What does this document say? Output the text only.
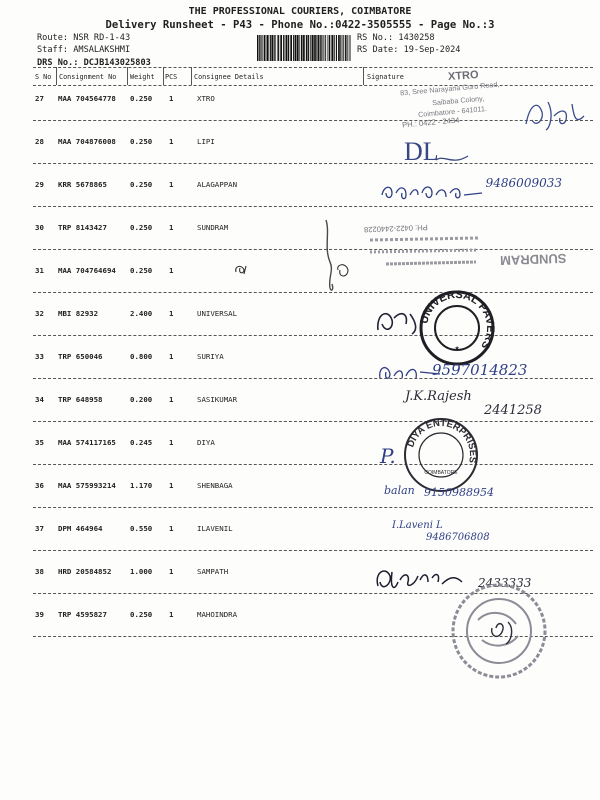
THE PROFESSIONAL COURIERS, COIMBATORE
Delivery Runsheet - P43 - Phone No.:0422-3505555 - Page No.:3
Route: NSR RD-1-43
Staff: AMSALAKSHMI
DRS No.: DCJB143025803
RS No.: 1430258
RS Date: 19-Sep-2024
S No Consignment No Weight PCS Consignee Details	Signature
27 MAA 704564778 0.250 1	XTRO
28 MAA 704876008 0.250 1	LIPI
29 KRR 5678865	0.250 1	ALAGAPPAN
30 TRP 8143427	0.250 1	SUNDRAM
31 MAA 704764694 0.250 1
32 MBI 82932	2.400 1	UNIVERSAL
33 TRP 650046	0.800 1	SURIYA
34 TRP 648958	0.200 1	SASIKUMAR
35 MAA 574117165 0.245 1	DIYA
36 MAA 575993214 1.170 1	SHENBAGA
37 DPM 464964	0.550 1	ILAVENIL
38 HRD 20584852	1.000 1	SAMPATH
39 TRP 4595827	0.250 1	MAHOINDRA
XTRO
83, Sree Narayana Guru Road,
Saibaba Colony,
Coimbatore - 641011.
PH.: 0422 - 2434
DL
9486009033
PH: 0422-2440228
SUNDRAM
UNIVERSAL PAVERS
★
9597014823
J.K.Rajesh
2441258
DIYA ENTERPRISES
COIMBATORE
P.
balan 9150988954
I.Laveni L
9486706808
2433333
